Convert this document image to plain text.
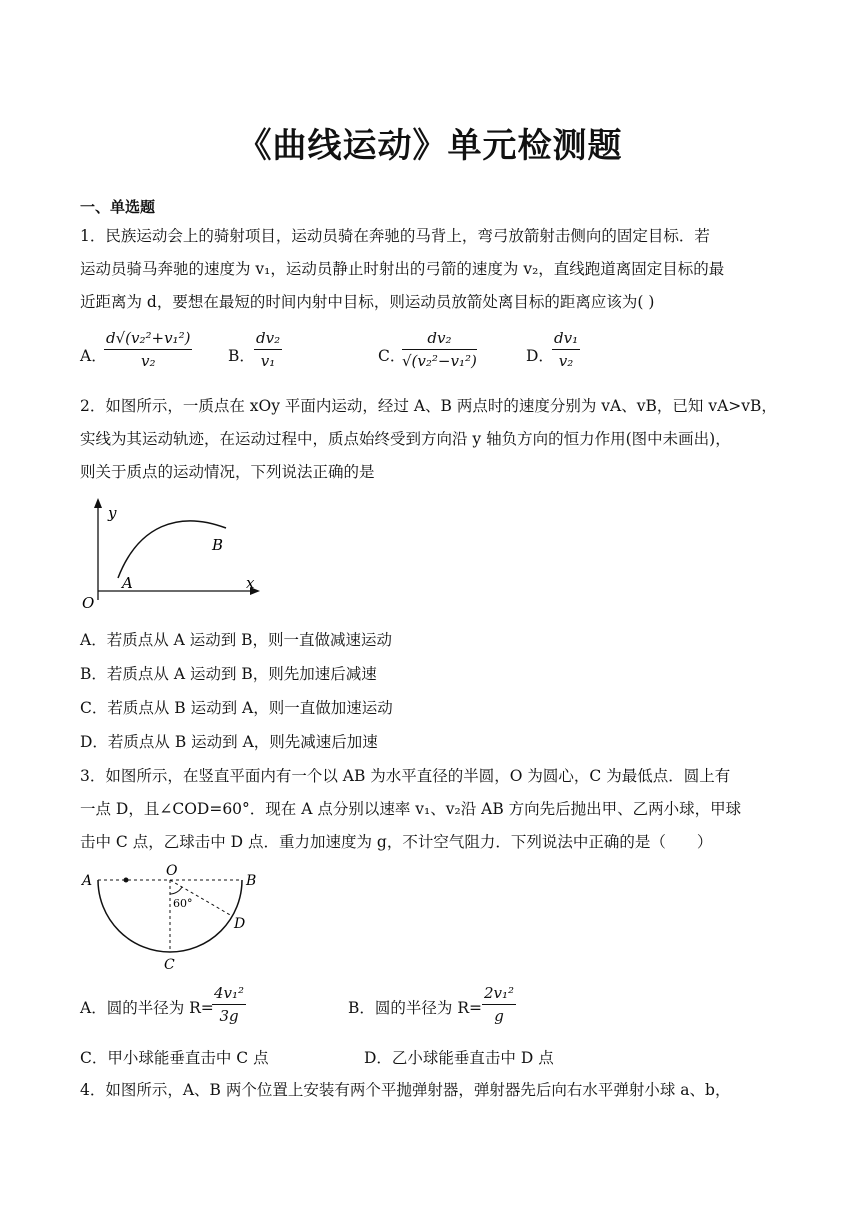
《曲线运动》单元检测题
一、单选题
1．民族运动会上的骑射项目，运动员骑在奔驰的马背上，弯弓放箭射击侧向的固定目标．若
运动员骑马奔驰的速度为 v₁，运动员静止时射出的弓箭的速度为 v₂，直线跑道离固定目标的最
近距离为 d，要想在最短的时间内射中目标，则运动员放箭处离目标的距离应该为( )
A．
$\frac{\text{d√(v₂²+v₁²)}}{\text{v₂}}$ B． $\frac{\text{dv₂}}{\text{v₁}}$	C．
$\frac{\text{dv₂}}{\text{√(v₂²−v₁²)}}$	D．
$\frac{\text{dv₁}}{\text{v₂}}$
2．如图所示，一质点在 xOy 平面内运动，经过 A、B 两点时的速度分别为 vA、vB，已知 vA>vB，
实线为其运动轨迹，在运动过程中，质点始终受到方向沿 y 轴负方向的恒力作用(图中未画出)，
则关于质点的运动情况，下列说法正确的是
y
x
O
A
B
A．若质点从 A 运动到 B，则一直做减速运动
B．若质点从 A 运动到 B，则先加速后减速
C．若质点从 B 运动到 A，则一直做加速运动
D．若质点从 B 运动到 A，则先减速后加速
3．如图所示，在竖直平面内有一个以 AB 为水平直径的半圆，O 为圆心，C 为最低点．圆上有
一点 D，且∠COD=60°．现在 A 点分别以速率 v₁、v₂沿 AB 方向先后抛出甲、乙两小球，甲球
击中 C 点，乙球击中 D 点．重力加速度为 g，不计空气阻力．下列说法中正确的是（　　）
A	B
O
C
D
60°
A．圆的半径为 R=
$\frac{\text{4v₁²}}{3g}$	B．圆的半径为 $R= \frac{\text{2v₁²}}{g}$
C．甲小球能垂直击中 C 点	D．乙小球能垂直击中 D 点
4．如图所示，A、B 两个位置上安装有两个平抛弹射器，弹射器先后向右水平弹射小球 a、b，
